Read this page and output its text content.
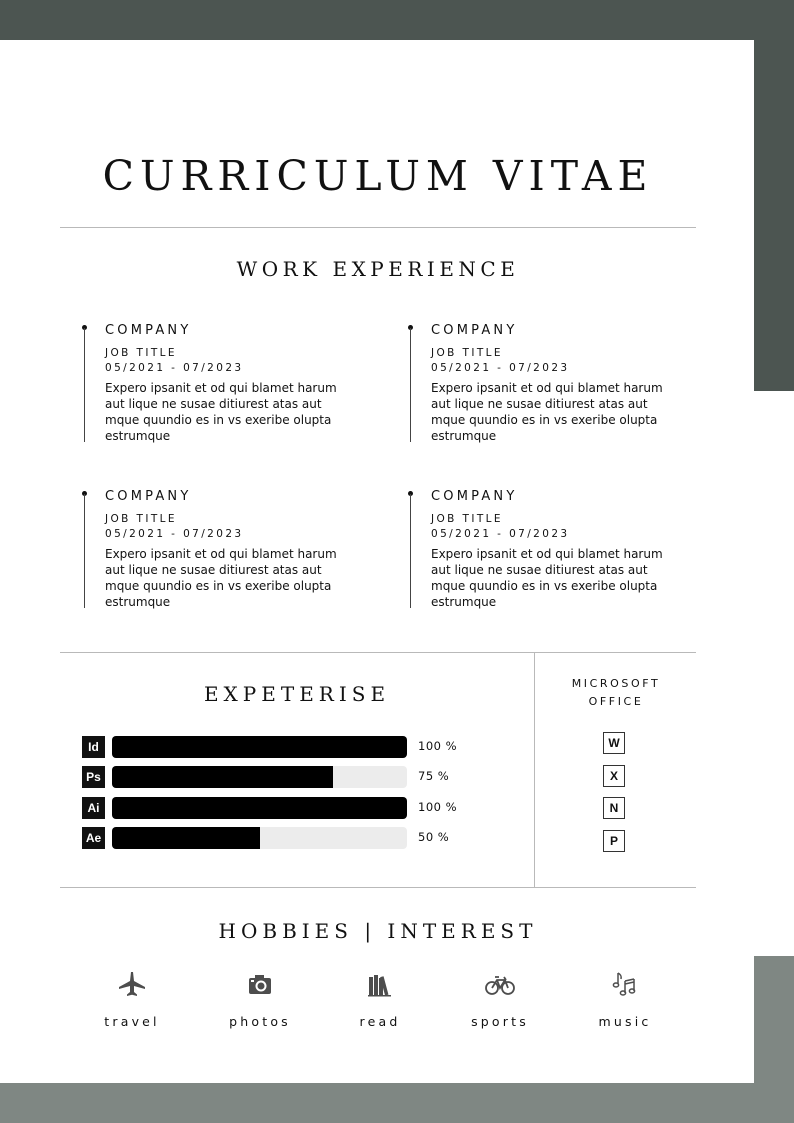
CURRICULUM VITAE
WORK EXPERIENCE
COMPANY
JOB TITLE
05/2021 - 07/2023
Expero ipsanit et od qui blamet harum aut lique ne susae ditiurest atas aut mque quundio es in vs exeribe olupta estrumque
COMPANY
JOB TITLE
05/2021 - 07/2023
Expero ipsanit et od qui blamet harum aut lique ne susae ditiurest atas aut mque quundio es in vs exeribe olupta estrumque
COMPANY
JOB TITLE
05/2021 - 07/2023
Expero ipsanit et od qui blamet harum aut lique ne susae ditiurest atas aut mque quundio es in vs exeribe olupta estrumque
COMPANY
JOB TITLE
05/2021 - 07/2023
Expero ipsanit et od qui blamet harum aut lique ne susae ditiurest atas aut mque quundio es in vs exeribe olupta estrumque
EXPETERISE
Id	100 %
Ps	75 %
Ai	100 %
Ae	50 %
MICROSOFT
OFFICE
W
X
N
P
HOBBIES | INTEREST
travel	photos	read	sports	music
